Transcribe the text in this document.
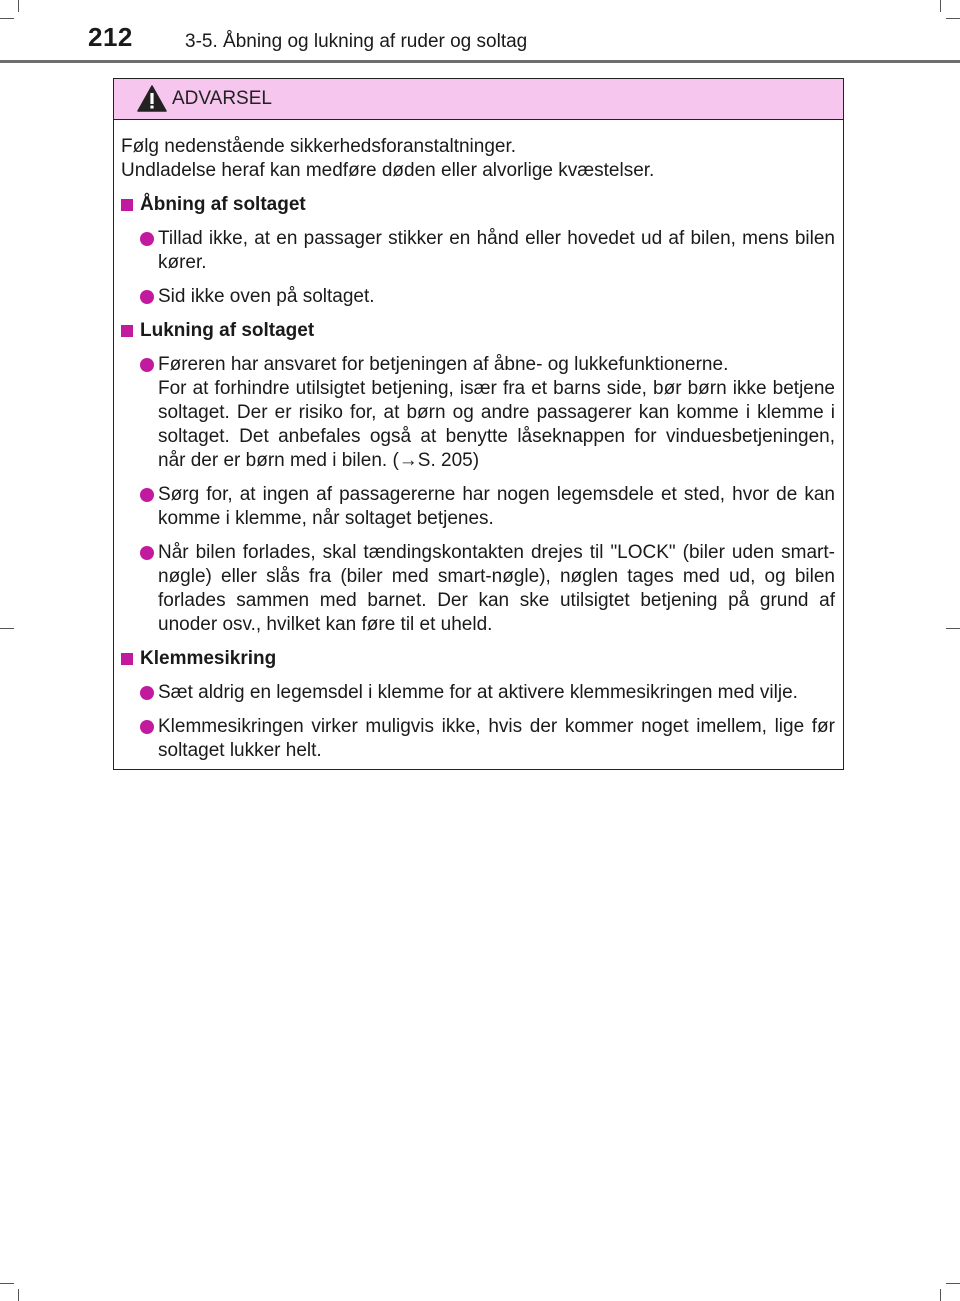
212	3-5. Åbning og lukning af ruder og soltag
ADVARSEL

Følg nedenstående sikkerhedsforanstaltninger.

Undladelse heraf kan medføre døden eller alvorlige kvæstelser.

Åbning af soltaget

Tillad ikke, at en passager stikker en hånd eller hovedet ud af bilen, mens bilen kører.

Sid ikke oven på soltaget.

Lukning af soltaget

Føreren har ansvaret for betjeningen af åbne- og lukkefunktionerne.

For at forhindre utilsigtet betjening, især fra et barns side, bør børn ikke betjene soltaget. Der er risiko for, at børn og andre passagerer kan komme i klemme i soltaget. Det anbefales også at benytte låseknappen for vinduesbetjeningen, når der er børn med i bilen. (→S. 205)

Sørg for, at ingen af passagererne har nogen legemsdele et sted, hvor de kan komme i klemme, når soltaget betjenes.

Når bilen forlades, skal tændingskontakten drejes til "LOCK" (biler uden smart-nøgle) eller slås fra (biler med smart-nøgle), nøglen tages med ud, og bilen forlades sammen med barnet. Der kan ske utilsigtet betjening på grund af unoder osv., hvilket kan føre til et uheld.

Klemmesikring

Sæt aldrig en legemsdel i klemme for at aktivere klemmesikringen med vilje.

Klemmesikringen virker muligvis ikke, hvis der kommer noget imellem, lige før soltaget lukker helt.
